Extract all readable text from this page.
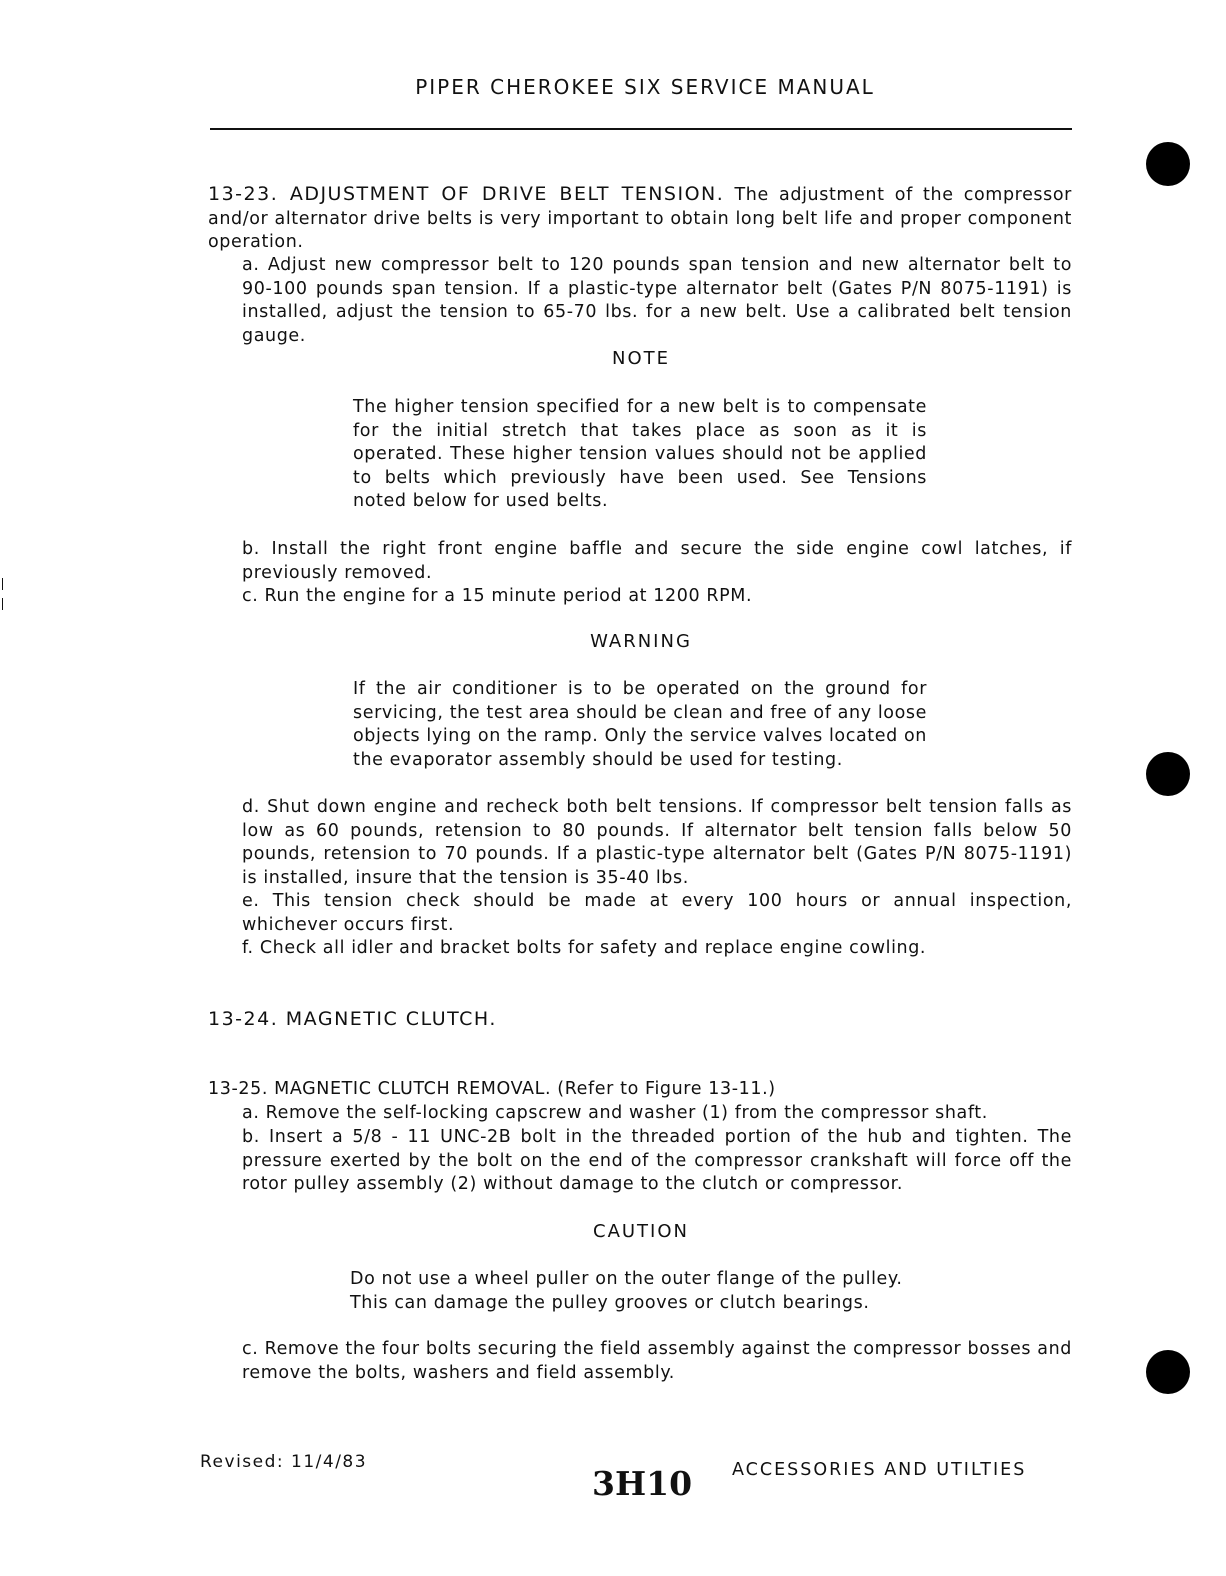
PIPER CHEROKEE SIX SERVICE MANUAL
13-23. ADJUSTMENT OF DRIVE BELT TENSION. The adjustment of the compressor and/or alternator drive belts is very important to obtain long belt life and proper component operation.
a. Adjust new compressor belt to 120 pounds span tension and new alternator belt to 90-100 pounds span tension. If a plastic-type alternator belt (Gates P/N 8075-1191) is installed, adjust the tension to 65-70 lbs. for a new belt. Use a calibrated belt tension gauge.
NOTE
The higher tension specified for a new belt is to compensate for the initial stretch that takes place as soon as it is operated. These higher tension values should not be applied to belts which previously have been used. See Tensions noted below for used belts.
b. Install the right front engine baffle and secure the side engine cowl latches, if previously removed.
c. Run the engine for a 15 minute period at 1200 RPM.
WARNING
If the air conditioner is to be operated on the ground for servicing, the test area should be clean and free of any loose objects lying on the ramp. Only the service valves located on the evaporator assembly should be used for testing.
d. Shut down engine and recheck both belt tensions. If compressor belt tension falls as low as 60 pounds, retension to 80 pounds. If alternator belt tension falls below 50 pounds, retension to 70 pounds. If a plastic-type alternator belt (Gates P/N 8075-1191) is installed, insure that the tension is 35-40 lbs.
e. This tension check should be made at every 100 hours or annual inspection, whichever occurs first.
f. Check all idler and bracket bolts for safety and replace engine cowling.
13-24. MAGNETIC CLUTCH.
13-25. MAGNETIC CLUTCH REMOVAL. (Refer to Figure 13-11.)
a. Remove the self-locking capscrew and washer (1) from the compressor shaft.
b. Insert a 5/8 - 11 UNC-2B bolt in the threaded portion of the hub and tighten. The pressure exerted by the bolt on the end of the compressor crankshaft will force off the rotor pulley assembly (2) without damage to the clutch or compressor.
CAUTION
Do not use a wheel puller on the outer flange of the pulley.
This can damage the pulley grooves or clutch bearings.
c. Remove the four bolts securing the field assembly against the compressor bosses and remove the bolts, washers and field assembly.
Revised: 11/4/83
3H10 ACCESSORIES AND UTILTIES
